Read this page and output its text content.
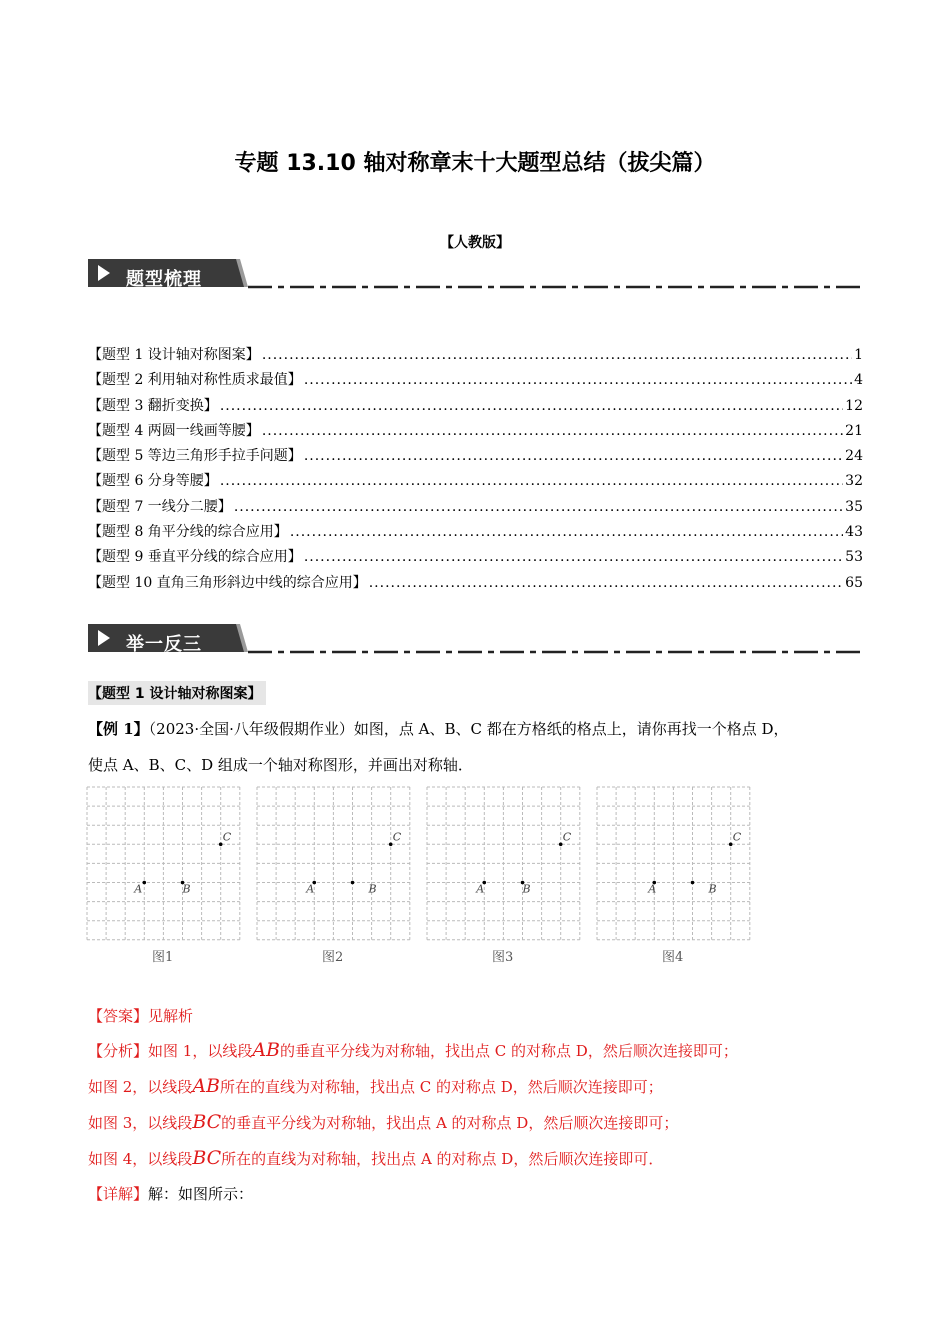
专题 13.10 轴对称章末十大题型总结（拔尖篇）
【人教版】
题型梳理
【题型 1 设计轴对称图案】 .....	1
【题型 2 利用轴对称性质求最值】 .....	4
【题型 3 翻折变换】 .....	12
【题型 4 两圆一线画等腰】 .....	21
【题型 5 等边三角形手拉手问题】 .....	24
【题型 6 分身等腰】 .....	32
【题型 7 一线分二腰】 .....	35
【题型 8 角平分线的综合应用】 .....	43
【题型 9 垂直平分线的综合应用】 .....	53
【题型 10 直角三角形斜边中线的综合应用】 .....	65
举一反三
【题型 1 设计轴对称图案】
【例 1】（2023·全国·八年级假期作业）如图，点 A、B、C 都在方格纸的格点上，请你再找一个格点 D，
使点 A、B、C、D 组成一个轴对称图形，并画出对称轴．
A	B
C
A	B
C
A	B
C
A	B
C
图1	图2	图3	图4
【答案】见解析
【分析】如图 1，以线段AB的垂直平分线为对称轴，找出点 C 的对称点 D，然后顺次连接即可；
如图 2，以线段AB所在的直线为对称轴，找出点 C 的对称点 D，然后顺次连接即可；
如图 3，以线段BC的垂直平分线为对称轴，找出点 A 的对称点 D，然后顺次连接即可；
如图 4，以线段BC所在的直线为对称轴，找出点 A 的对称点 D，然后顺次连接即可．
【详解】解：如图所示：
